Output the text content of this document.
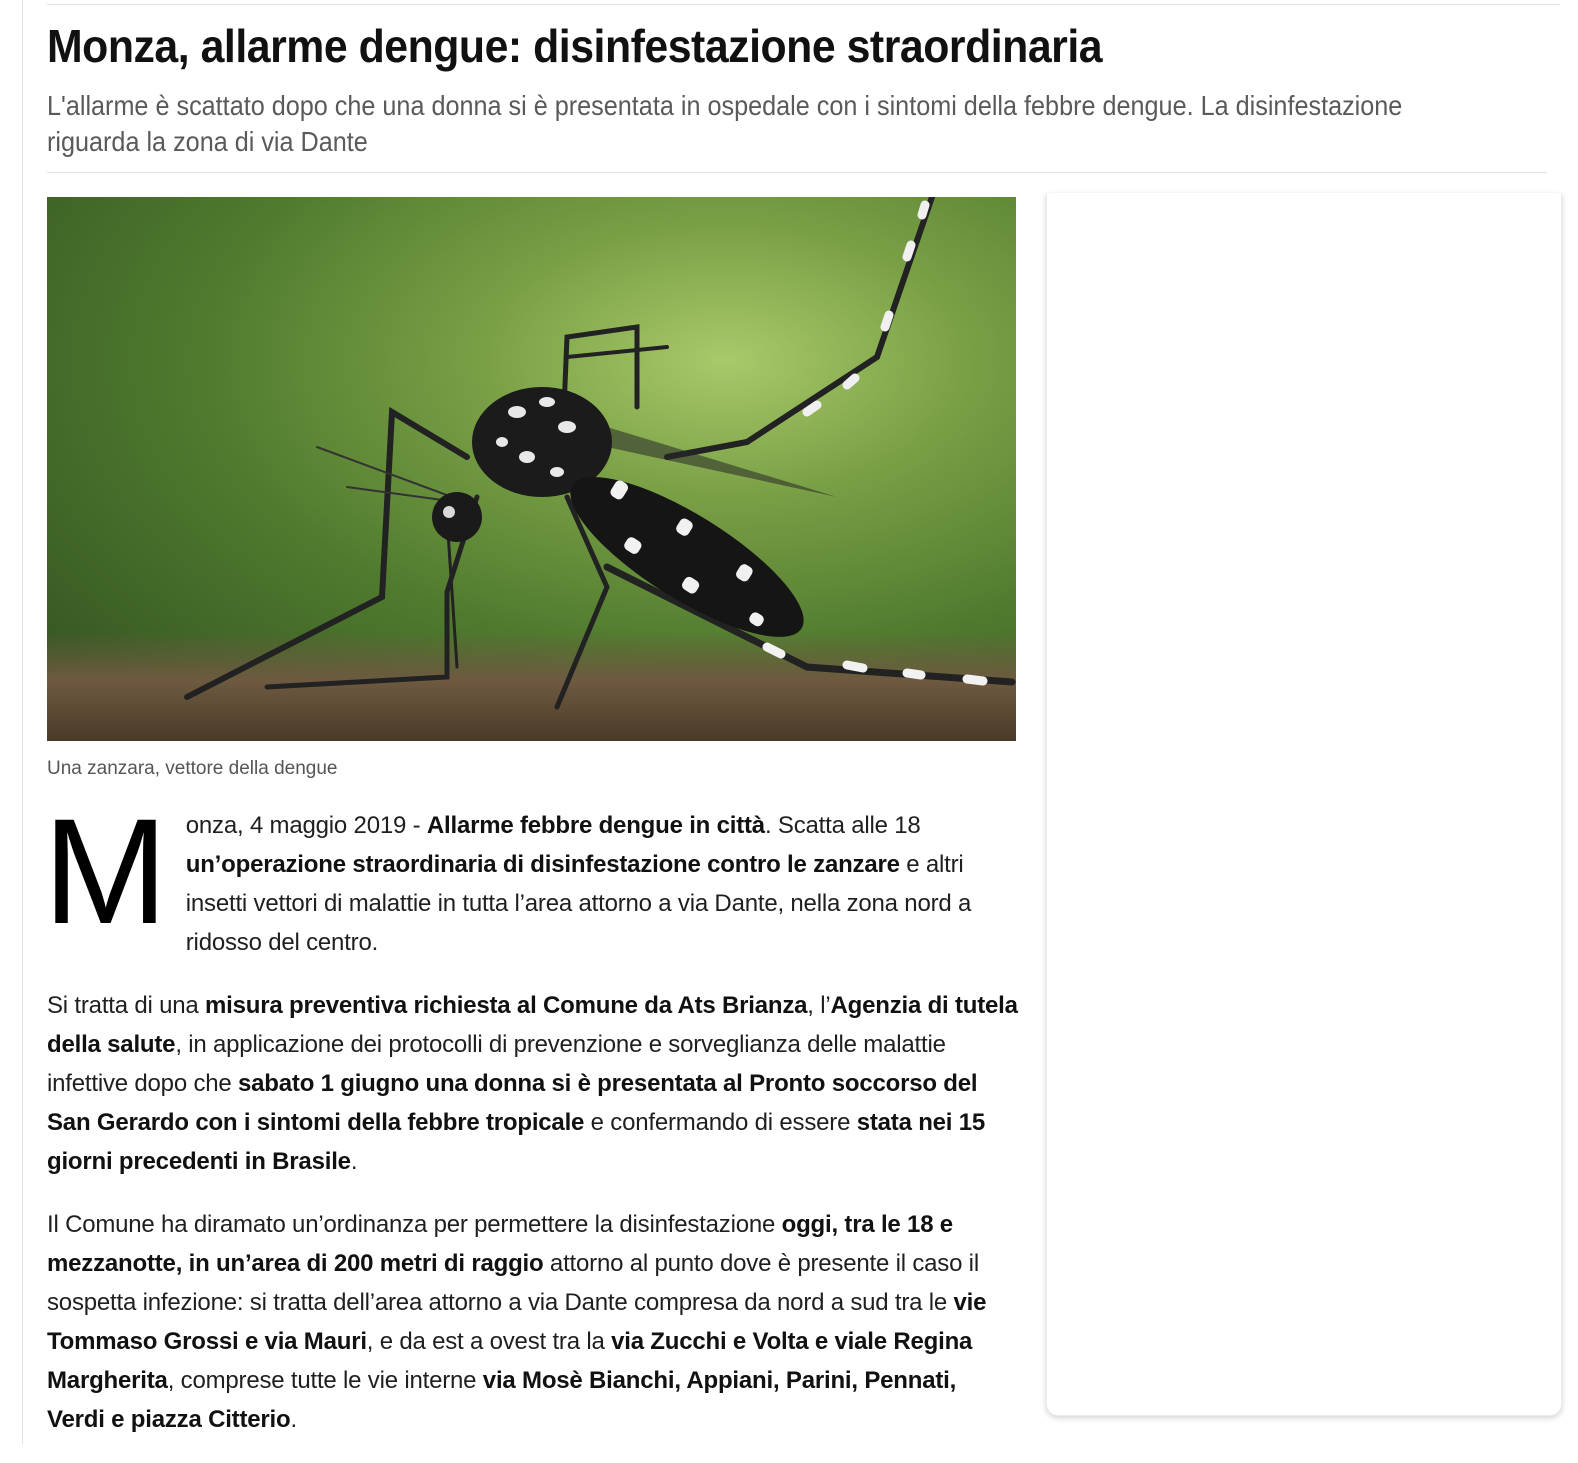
Monza, allarme dengue: disinfestazione straordinaria
L'allarme è scattato dopo che una donna si è presentata in ospedale con i sintomi della febbre dengue. La disinfestazione riguarda la zona di via Dante
Una zanzara, vettore della dengue

Monza, 4 maggio 2019 - Allarme febbre dengue in città. Scatta alle 18 un’operazione straordinaria di disinfestazione contro le zanzare e altri insetti vettori di malattie in tutta l’area attorno a via Dante, nella zona nord a ridosso del centro.

Si tratta di una misura preventiva richiesta al Comune da Ats Brianza, l’Agenzia di tutela della salute, in applicazione dei protocolli di prevenzione e sorveglianza delle malattie infettive dopo che sabato 1 giugno una donna si è presentata al Pronto soccorso del San Gerardo con i sintomi della febbre tropicale e confermando di essere stata nei 15 giorni precedenti in Brasile.

Il Comune ha diramato un’ordinanza per permettere la disinfestazione oggi, tra le 18 e mezzanotte, in un’area di 200 metri di raggio attorno al punto dove è presente il caso il sospetta infezione: si tratta dell’area attorno a via Dante compresa da nord a sud tra le vie Tommaso Grossi e via Mauri, e da est a ovest tra la via Zucchi e Volta e viale Regina Margherita, comprese tutte le vie interne via Mosè Bianchi, Appiani, Parini, Pennati, Verdi e piazza Citterio.
